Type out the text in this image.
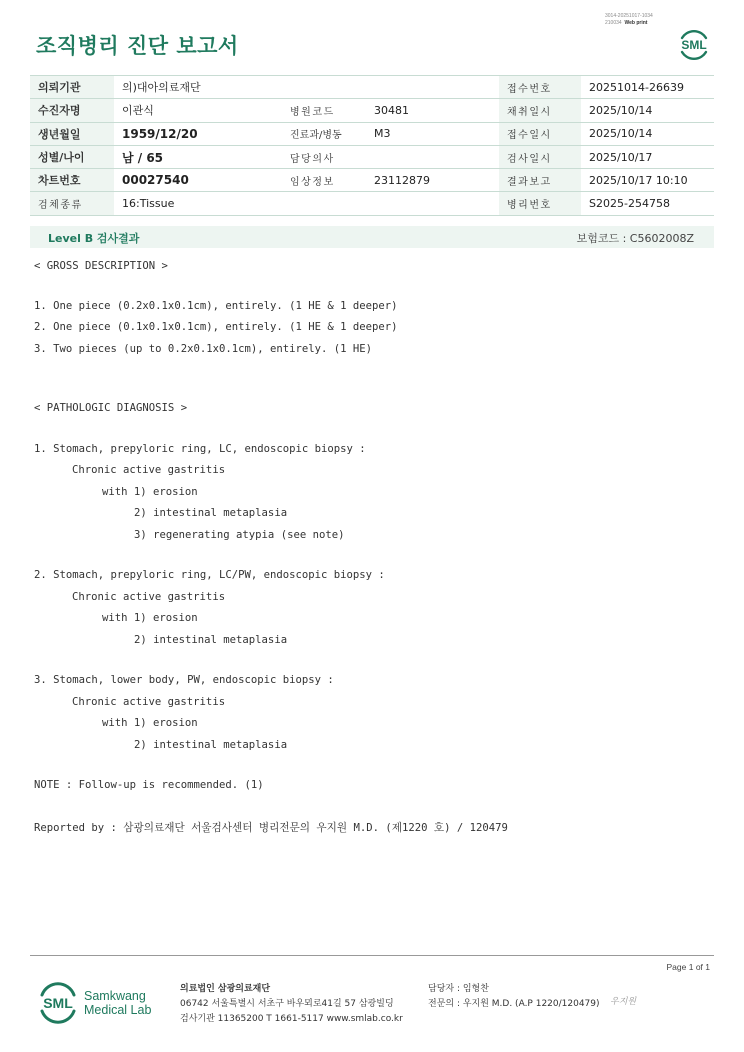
3014-20251017-1034
210034 Web print
조직병리 진단 보고서	SML
의뢰기관	의)대아의료재단			접수번호	20251014-26639
수진자명	이관식	병원코드	30481	채취일시	2025/10/14
생년월일	1959/12/20	진료과/병동	M3	접수일시	2025/10/14
성별/나이	남 / 65	담당의사		검사일시	2025/10/17
차트번호	00027540	임상정보	23112879	결과보고	2025/10/17 10:10
검체종류	16:Tissue			병리번호	S2025-254758
Level B 검사결과	보험코드 : C5602008Z
< GROSS DESCRIPTION >
1. One piece (0.2x0.1x0.1cm), entirely. (1 HE & 1 deeper)
2. One piece (0.1x0.1x0.1cm), entirely. (1 HE & 1 deeper)
3. Two pieces (up to 0.2x0.1x0.1cm), entirely. (1 HE)
< PATHOLOGIC DIAGNOSIS >
1. Stomach, prepyloric ring, LC, endoscopic biopsy :
Chronic active gastritis
with 1) erosion
2) intestinal metaplasia
3) regenerating atypia (see note)
2. Stomach, prepyloric ring, LC/PW, endoscopic biopsy :
Chronic active gastritis
with 1) erosion
2) intestinal metaplasia
3. Stomach, lower body, PW, endoscopic biopsy :
Chronic active gastritis
with 1) erosion
2) intestinal metaplasia
NOTE : Follow-up is recommended. (1)
Reported by : 삼광의료재단 서울검사센터 병리전문의 우지원 M.D. (제1220 호) / 120479
Page 1 of 1
SML Samkwang
Medical Lab
의료법인 삼광의료재단
06742 서울특별시 서초구 바우뫼로41길 57 삼광빌딩
검사기관 11365200 T 1661-5117 www.smlab.co.kr
담당자 : 임형찬
전문의 : 우지원 M.D. (A.P 1220/120479) 우지원
